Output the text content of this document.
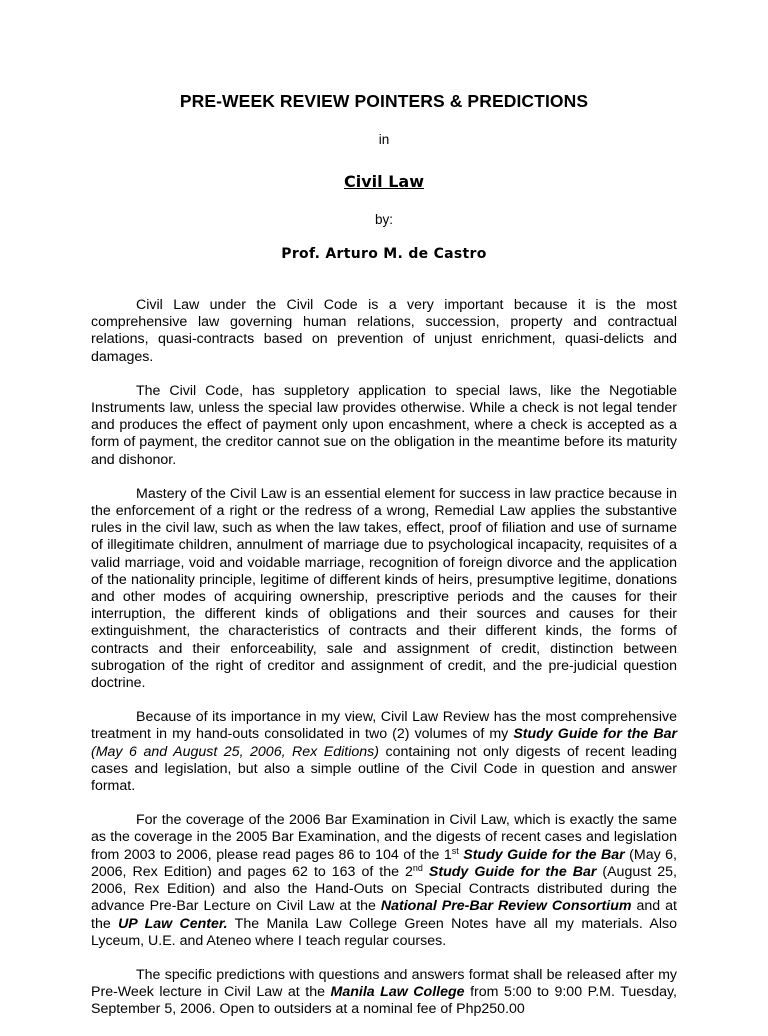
PRE-WEEK REVIEW POINTERS & PREDICTIONS
in
Civil Law
by:
Prof. Arturo M. de Castro

Civil Law under the Civil Code is a very important because it is the most comprehensive law governing human relations, succession, property and contractual relations, quasi-contracts based on prevention of unjust enrichment, quasi-delicts and damages.

The Civil Code, has suppletory application to special laws, like the Negotiable Instruments law, unless the special law provides otherwise. While a check is not legal tender and produces the effect of payment only upon encashment, where a check is accepted as a form of payment, the creditor cannot sue on the obligation in the meantime before its maturity and dishonor.

Mastery of the Civil Law is an essential element for success in law practice because in the enforcement of a right or the redress of a wrong, Remedial Law applies the substantive rules in the civil law, such as when the law takes, effect, proof of filiation and use of surname of illegitimate children, annulment of marriage due to psychological incapacity, requisites of a valid marriage, void and voidable marriage, recognition of foreign divorce and the application of the nationality principle, legitime of different kinds of heirs, presumptive legitime, donations and other modes of acquiring ownership, prescriptive periods and the causes for their interruption, the different kinds of obligations and their sources and causes for their extinguishment, the characteristics of contracts and their different kinds, the forms of contracts and their enforceability, sale and assignment of credit, distinction between subrogation of the right of creditor and assignment of credit, and the pre-judicial question doctrine.

Because of its importance in my view, Civil Law Review has the most comprehensive treatment in my hand-outs consolidated in two (2) volumes of my Study Guide for the Bar (May 6 and August 25, 2006, Rex Editions) containing not only digests of recent leading cases and legislation, but also a simple outline of the Civil Code in question and answer format.

For the coverage of the 2006 Bar Examination in Civil Law, which is exactly the same as the coverage in the 2005 Bar Examination, and the digests of recent cases and legislation from 2003 to 2006, please read pages 86 to 104 of the 1st Study Guide for the Bar (May 6, 2006, Rex Edition) and pages 62 to 163 of the 2nd Study Guide for the Bar (August 25, 2006, Rex Edition) and also the Hand-Outs on Special Contracts distributed during the advance Pre-Bar Lecture on Civil Law at the National Pre-Bar Review Consortium and at the UP Law Center. The Manila Law College Green Notes have all my materials. Also Lyceum, U.E. and Ateneo where I teach regular courses.

The specific predictions with questions and answers format shall be released after my Pre-Week lecture in Civil Law at the Manila Law College from 5:00 to 9:00 P.M. Tuesday, September 5, 2006. Open to outsiders at a nominal fee of Php250.00
